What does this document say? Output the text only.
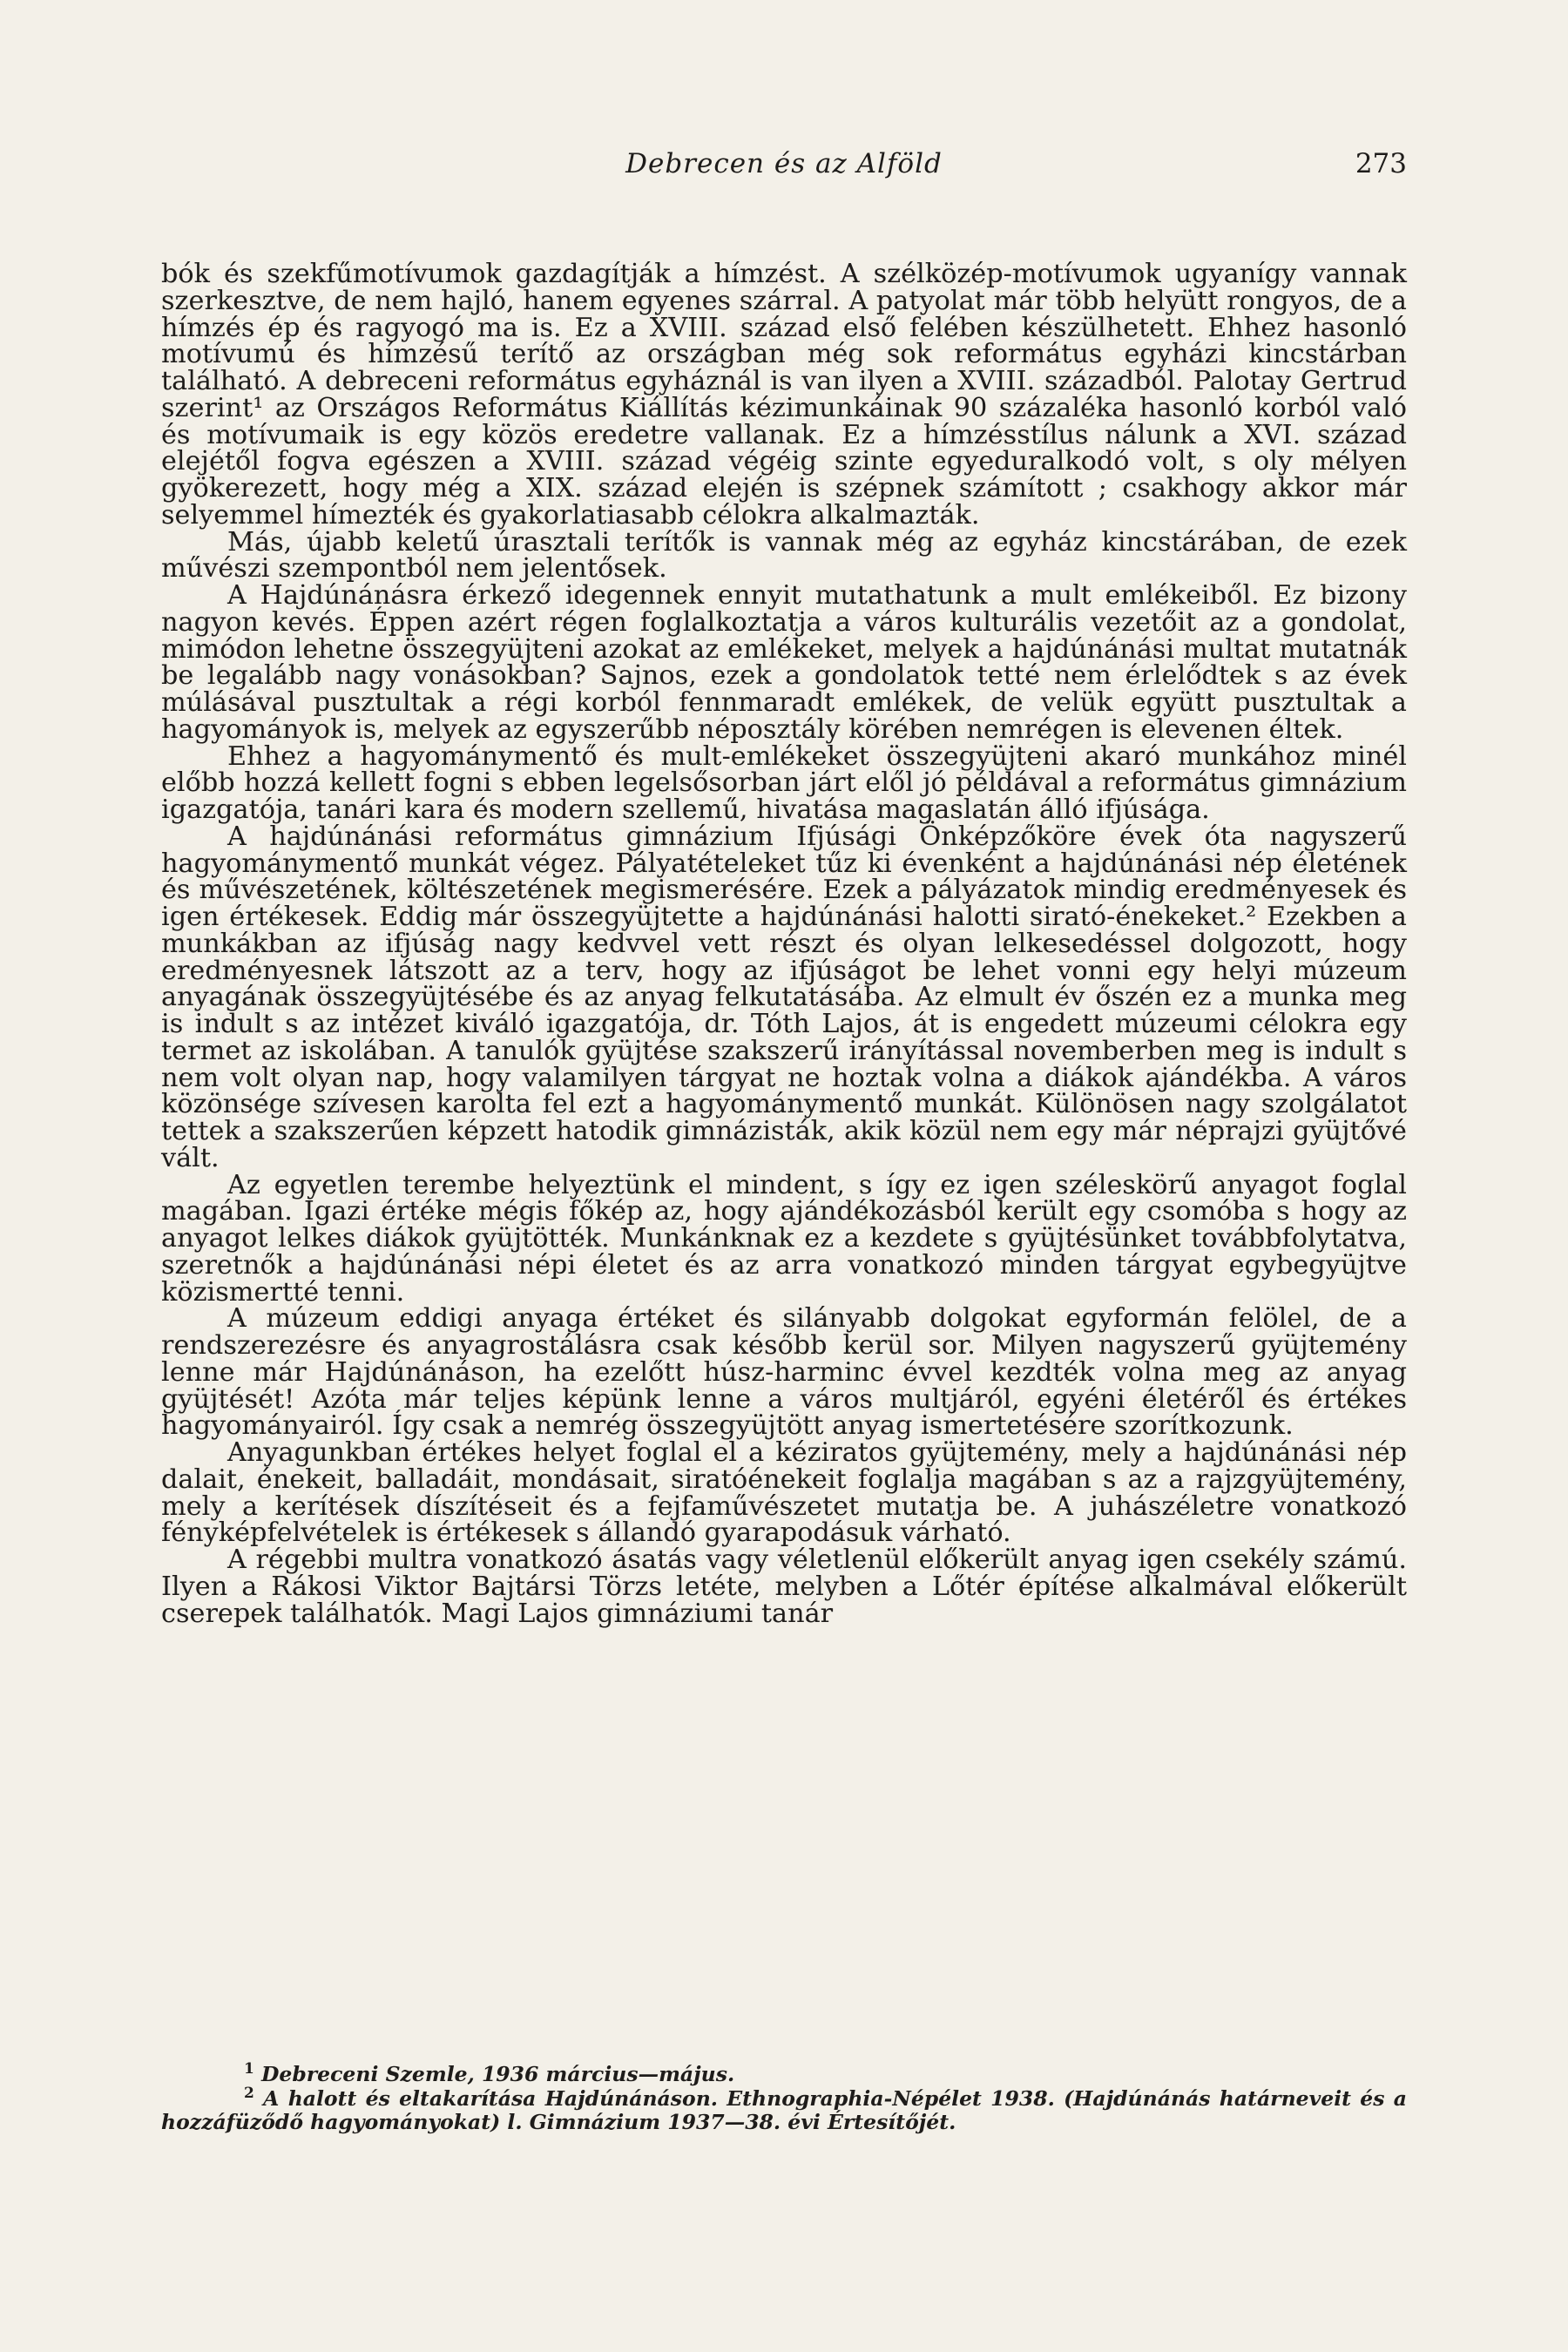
Debrecen és az Alföld	273

bók és szekfűmotívumok gazdagítják a hímzést. A szélközép-motívumok ugyanígy vannak szerkesztve, de nem hajló, hanem egyenes szárral. A patyolat már több helyütt rongyos, de a hímzés ép és ragyogó ma is. Ez a XVIII. század első felében készülhetett. Ehhez hasonló motívumú és hímzésű terítő az országban még sok református egyházi kincstárban található. A debreceni református egyháznál is van ilyen a XVIII. századból. Palotay Gertrud szerint¹ az Országos Református Kiállítás kézimunkáinak 90 százaléka hasonló korból való és motívumaik is egy közös eredetre vallanak. Ez a hímzésstílus nálunk a XVI. század elejétől fogva egészen a XVIII. század végéig szinte egyeduralkodó volt, s oly mélyen gyökerezett, hogy még a XIX. század elején is szépnek számított ; csakhogy akkor már selyemmel hímezték és gyakorlatiasabb célokra alkalmazták.

Más, újabb keletű úrasztali terítők is vannak még az egyház kincstárában, de ezek művészi szempontból nem jelentősek.

A Hajdúnánásra érkező idegennek ennyit mutathatunk a mult emlékeiből. Ez bizony nagyon kevés. Éppen azért régen foglalkoztatja a város kulturális vezetőit az a gondolat, mimódon lehetne összegyüjteni azokat az emlékeket, melyek a hajdúnánási multat mutatnák be legalább nagy vonásokban? Sajnos, ezek a gondolatok tetté nem érlelődtek s az évek múlásával pusztultak a régi korból fennmaradt emlékek, de velük együtt pusztultak a hagyományok is, melyek az egyszerűbb néposztály körében nemrégen is elevenen éltek.

Ehhez a hagyománymentő és mult-emlékeket összegyüjteni akaró munkához minél előbb hozzá kellett fogni s ebben legelsősorban járt elől jó példával a református gimnázium igazgatója, tanári kara és modern szellemű, hivatása magaslatán álló ifjúsága.

A hajdúnánási református gimnázium Ifjúsági Önképzőköre évek óta nagyszerű hagyománymentő munkát végez. Pályatételeket tűz ki évenként a hajdúnánási nép életének és művészetének, költészetének megismerésére. Ezek a pályázatok mindig eredményesek és igen értékesek. Eddig már összegyüjtette a hajdúnánási halotti sirató-énekeket.² Ezekben a munkákban az ifjúság nagy kedvvel vett részt és olyan lelkesedéssel dolgozott, hogy eredményesnek látszott az a terv, hogy az ifjúságot be lehet vonni egy helyi múzeum anyagának összegyüjtésébe és az anyag felkutatásába. Az elmult év őszén ez a munka meg is indult s az intézet kiváló igazgatója, dr. Tóth Lajos, át is engedett múzeumi célokra egy termet az iskolában. A tanulók gyüjtése szakszerű irányítással novemberben meg is indult s nem volt olyan nap, hogy valamilyen tárgyat ne hoztak volna a diákok ajándékba. A város közönsége szívesen karolta fel ezt a hagyománymentő munkát. Különösen nagy szolgálatot tettek a szakszerűen képzett hatodik gimnázisták, akik közül nem egy már néprajzi gyüjtővé vált.

Az egyetlen terembe helyeztünk el mindent, s így ez igen széleskörű anyagot foglal magában. Igazi értéke mégis főkép az, hogy ajándékozásból került egy csomóba s hogy az anyagot lelkes diákok gyüjtötték. Munkánknak ez a kezdete s gyüjtésünket továbbfolytatva, szeretnők a hajdúnánási népi életet és az arra vonatkozó minden tárgyat egybegyüjtve közismertté tenni.

A múzeum eddigi anyaga értéket és silányabb dolgokat egyformán felölel, de a rendszerezésre és anyagrostálásra csak később kerül sor. Milyen nagyszerű gyüjtemény lenne már Hajdúnánáson, ha ezelőtt húsz-harminc évvel kezdték volna meg az anyag gyüjtését! Azóta már teljes képünk lenne a város multjáról, egyéni életéről és értékes hagyományairól. Így csak a nemrég összegyüjtött anyag ismertetésére szorítkozunk.

Anyagunkban értékes helyet foglal el a kéziratos gyüjtemény, mely a hajdúnánási nép dalait, énekeit, balladáit, mondásait, siratóénekeit foglalja magában s az a rajzgyüjtemény, mely a kerítések díszítéseit és a fejfaművészetet mutatja be. A juhászéletre vonatkozó fényképfelvételek is értékesek s állandó gyarapodásuk várható.

A régebbi multra vonatkozó ásatás vagy véletlenül előkerült anyag igen csekély számú. Ilyen a Rákosi Viktor Bajtársi Törzs letéte, melyben a Lőtér építése alkalmával előkerült cserepek találhatók. Magi Lajos gimnáziumi tanár

$^1$ Debreceni Szemle, 1936 március—május.

$^2$ A halott és eltakarítása Hajdúnánáson. Ethnographia-Népélet 1938. (Hajdúnánás határneveit és a hozzáfüződő hagyományokat) l. Gimnázium 1937—38. évi Értesítőjét.
